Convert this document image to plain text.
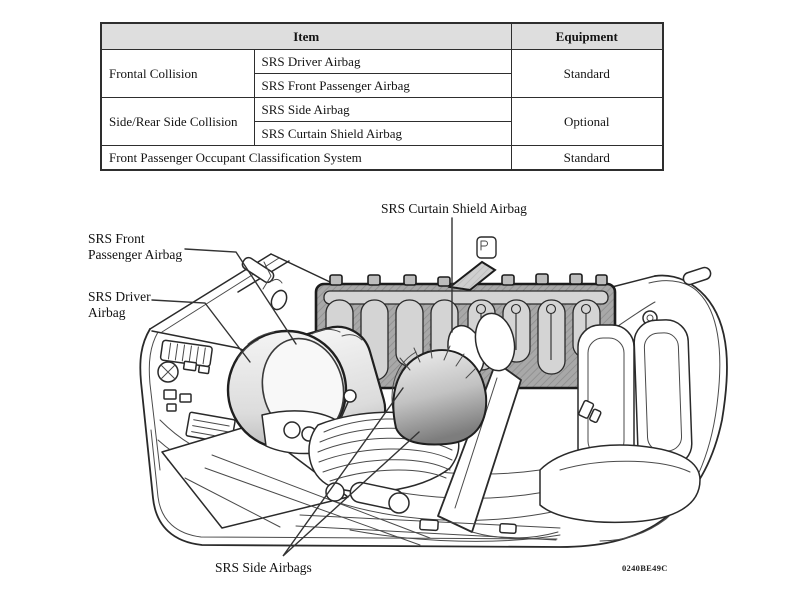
Item		Equipment
Frontal Collision	SRS Driver Airbag	Standard
	SRS Front Passenger Airbag	
Side/Rear Side Collision	SRS Side Airbag	Optional
	SRS Curtain Shield Airbag	
Front Passenger Occupant Classification System		Standard
SRS Front
Passenger Airbag
SRS Driver
Airbag
SRS Curtain Shield Airbag
SRS Side Airbags	0240BE49C
